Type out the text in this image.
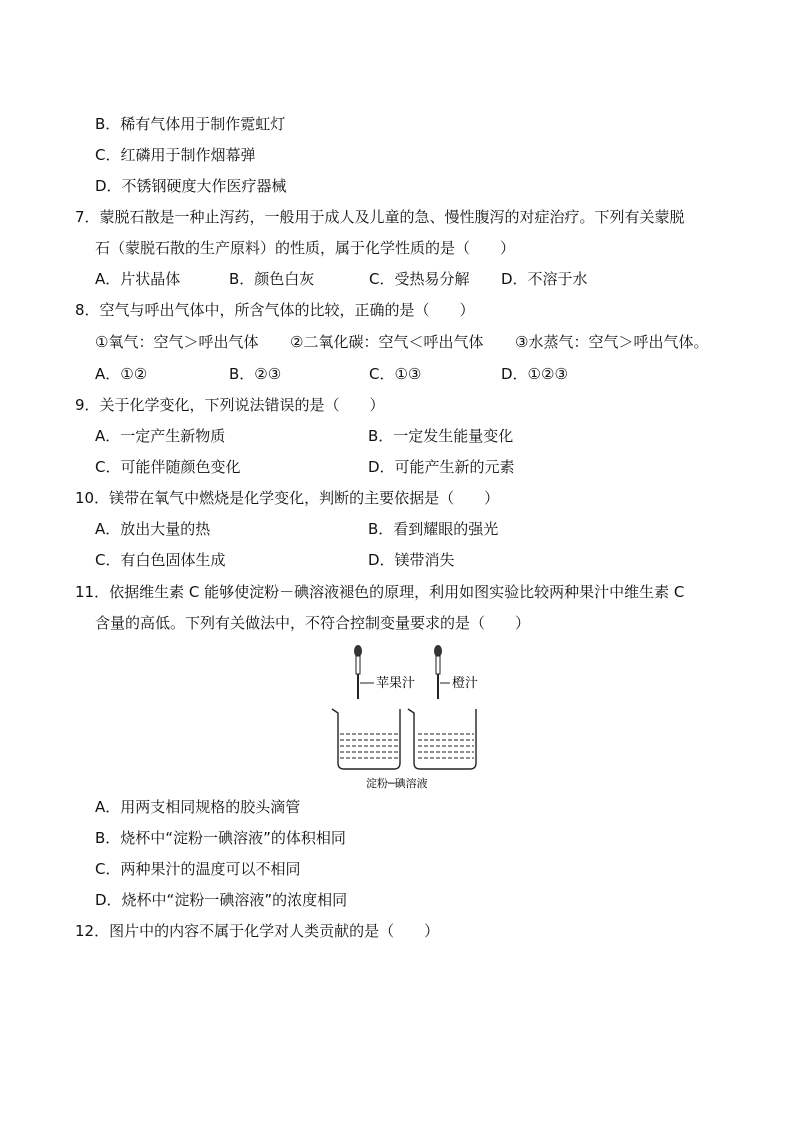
B．稀有气体用于制作霓虹灯
C．红磷用于制作烟幕弹
D．不锈钢硬度大作医疗器械
7．蒙脱石散是一种止泻药，一般用于成人及儿童的急、慢性腹泻的对症治疗。下列有关蒙脱
石（蒙脱石散的生产原料）的性质，属于化学性质的是（　　）
A．片状晶体	B．颜色白灰	C．受热易分解 D．不溶于水
8．空气与呼出气体中，所含气体的比较，正确的是（　　）
①氧气：空气＞呼出气体 ②二氧化碳：空气＜呼出气体 ③水蒸气：空气＞呼出气体。
A．①②	B．②③	C．①③	D．①②③
9．关于化学变化，下列说法错误的是（　　）
A．一定产生新物质	B．一定发生能量变化
C．可能伴随颜色变化	D．可能产生新的元素
10．镁带在氧气中燃烧是化学变化，判断的主要依据是（　　）
A．放出大量的热	B．看到耀眼的强光
C．有白色固体生成	D．镁带消失
11．依据维生素 C 能够使淀粉－碘溶液褪色的原理，利用如图实验比较两种果汁中维生素 C
含量的高低。下列有关做法中，不符合控制变量要求的是（　　）
苹果汁	橙汁
淀粉─碘溶液
A．用两支相同规格的胶头滴管
B．烧杯中“淀粉一碘溶液”的体积相同
C．两种果汁的温度可以不相同
D．烧杯中“淀粉一碘溶液”的浓度相同
12．图片中的内容不属于化学对人类贡献的是（　　）
